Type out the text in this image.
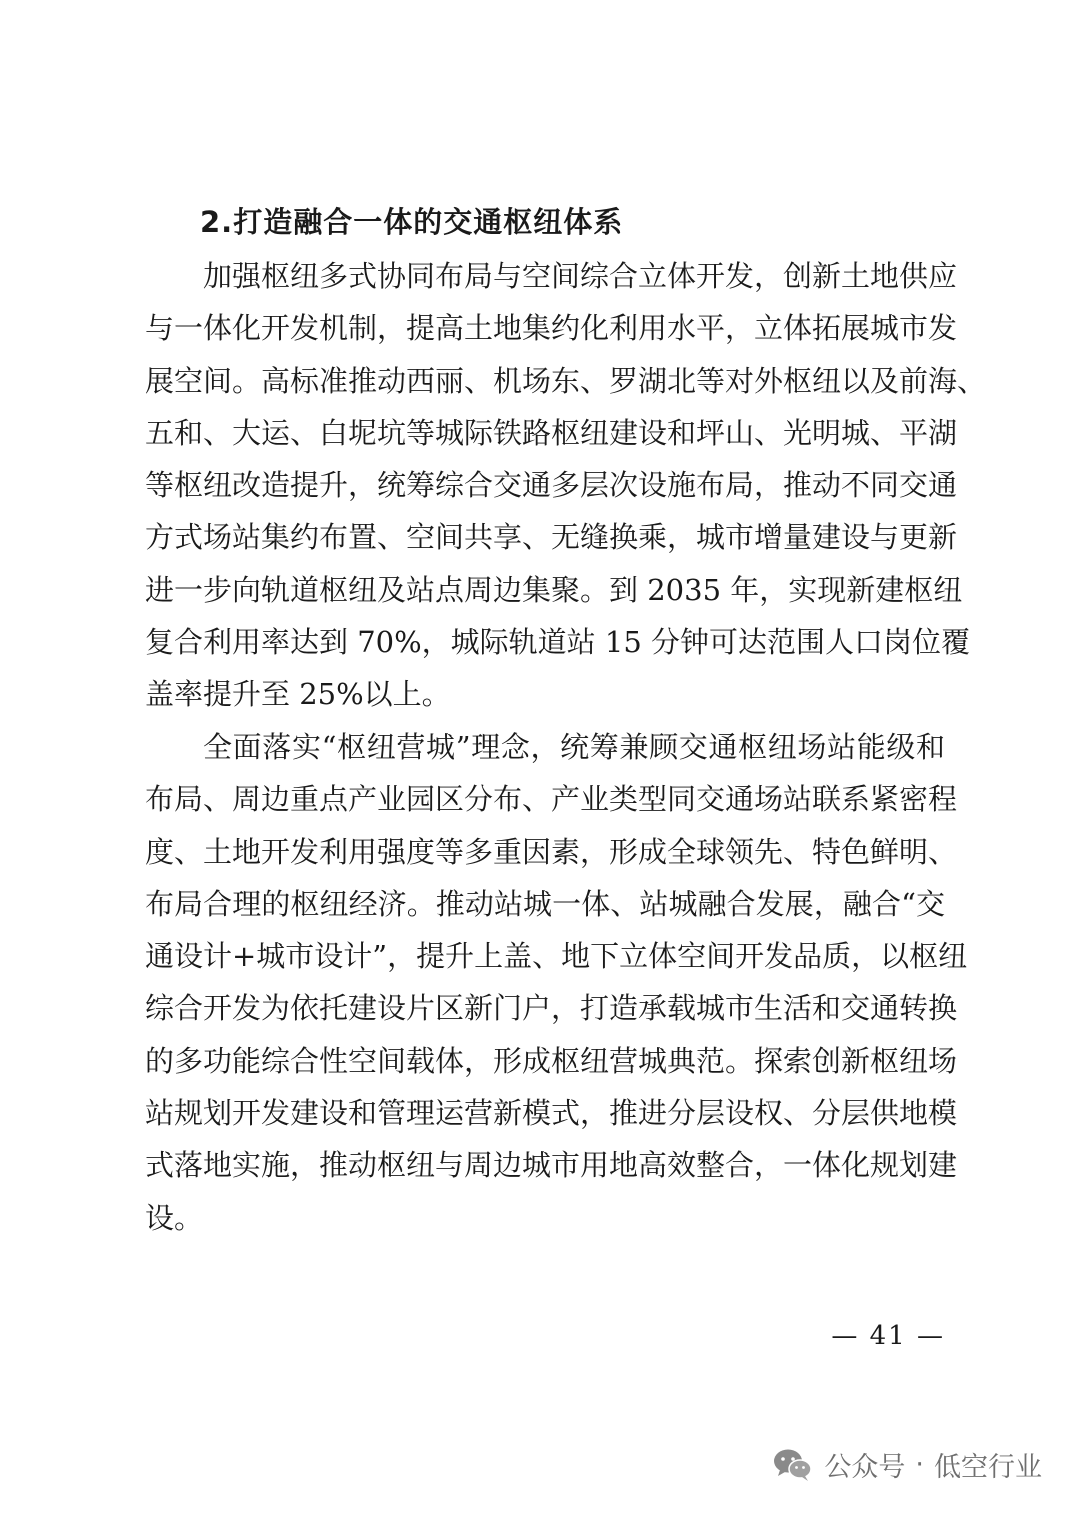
2.打造融合一体的交通枢纽体系
加强枢纽多式协同布局与空间综合立体开发，创新土地供应
与一体化开发机制，提高土地集约化利用水平，立体拓展城市发
展空间。高标准推动西丽、机场东、罗湖北等对外枢纽以及前海、
五和、大运、白坭坑等城际铁路枢纽建设和坪山、光明城、平湖
等枢纽改造提升，统筹综合交通多层次设施布局，推动不同交通
方式场站集约布置、空间共享、无缝换乘，城市增量建设与更新
进一步向轨道枢纽及站点周边集聚。到 2035 年，实现新建枢纽
复合利用率达到 70%，城际轨道站 15 分钟可达范围人口岗位覆
盖率提升至 25%以上。
全面落实“枢纽营城”理念，统筹兼顾交通枢纽场站能级和
布局、周边重点产业园区分布、产业类型同交通场站联系紧密程
度、土地开发利用强度等多重因素，形成全球领先、特色鲜明、
布局合理的枢纽经济。推动站城一体、站城融合发展，融合“交
通设计+城市设计”，提升上盖、地下立体空间开发品质，以枢纽
综合开发为依托建设片区新门户，打造承载城市生活和交通转换
的多功能综合性空间载体，形成枢纽营城典范。探索创新枢纽场
站规划开发建设和管理运营新模式，推进分层设权、分层供地模
式落地实施，推动枢纽与周边城市用地高效整合，一体化规划建
设。
— 41 —
公众号 · 低空行业
